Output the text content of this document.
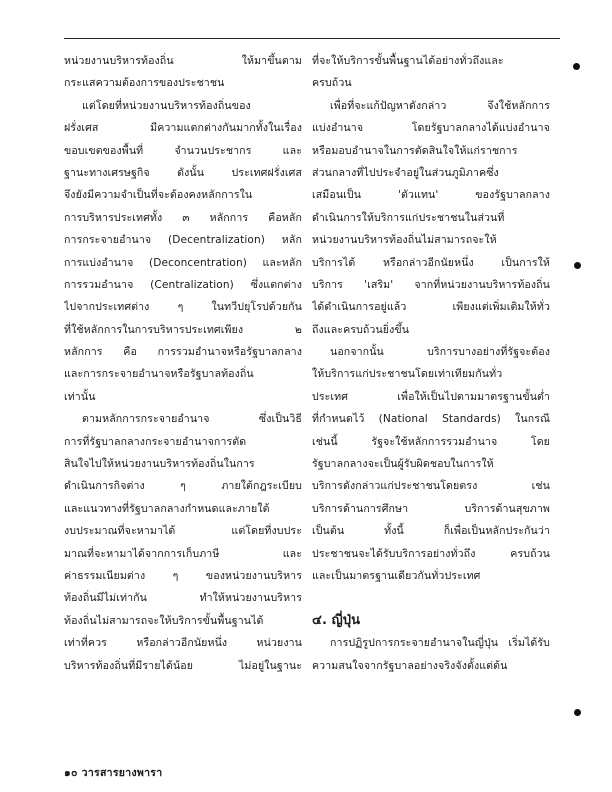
หน่วยงานบริหารท้องถิ่น ให้มาขึ้นตาม
กระแสความต้องการของประชาชน
แต่โดยที่หน่วยงานบริหารท้องถิ่นของ
ฝรั่งเศส มีความแตกต่างกันมากทั้งในเรื่อง
ขอบเขตของพื้นที่ จำนวนประชากร และ
ฐานะทางเศรษฐกิจ ดังนั้น ประเทศฝรั่งเศส
จึงยังมีความจำเป็นที่จะต้องคงหลักการใน
การบริหารประเทศทั้ง ๓ หลักการ คือหลัก
การกระจายอำนาจ (Decentralization) หลัก
การแบ่งอำนาจ (Deconcentration) และหลัก
การรวมอำนาจ (Centralization) ซึ่งแตกต่าง
ไปจากประเทศต่าง ๆ ในทวีปยุโรปด้วยกัน
ที่ใช้หลักการในการบริหารประเทศเพียง ๒
หลักการ คือ การรวมอำนาจหรือรัฐบาลกลาง
และการกระจายอำนาจหรือรัฐบาลท้องถิ่น
เท่านั้น
ตามหลักการกระจายอำนาจ ซึ่งเป็นวิธี
การที่รัฐบาลกลางกระจายอำนาจการตัด
สินใจไปให้หน่วยงานบริหารท้องถิ่นในการ
ดำเนินการกิจต่าง ๆ ภายใต้กฎระเบียบ
และแนวทางที่รัฐบาลกลางกำหนดและภายใต้
งบประมาณที่จะหามาได้ แต่โดยที่งบประ
มาณที่จะหามาได้จากการเก็บภาษี และ
ค่าธรรมเนียมต่าง ๆ ของหน่วยงานบริหาร
ท้องถิ่นมีไม่เท่ากัน ทำให้หน่วยงานบริหาร
ท้องถิ่นไม่สามารถจะให้บริการขั้นพื้นฐานได้
เท่าที่ควร หรือกล่าวอีกนัยหนึ่ง หน่วยงาน
บริหารท้องถิ่นที่มีรายได้น้อย ไม่อยู่ในฐานะ
ที่จะให้บริการขั้นพื้นฐานได้อย่างทั่วถึงและ
ครบถ้วน
เพื่อที่จะแก้ปัญหาดังกล่าว จึงใช้หลักการ
แบ่งอำนาจ โดยรัฐบาลกลางได้แบ่งอำนาจ
หรือมอบอำนาจในการตัดสินใจให้แก่ราชการ
ส่วนกลางที่ไปประจำอยู่ในส่วนภูมิภาคซึ่ง
เสมือนเป็น 'ตัวแทน' ของรัฐบาลกลาง
ดำเนินการให้บริการแก่ประชาชนในส่วนที่
หน่วยงานบริหารท้องถิ่นไม่สามารถจะให้
บริการได้ หรือกล่าวอีกนัยหนึ่ง เป็นการให้
บริการ 'เสริม' จากที่หน่วยงานบริหารท้องถิ่น
ได้ดำเนินการอยู่แล้ว เพียงแต่เพิ่มเติมให้ทั่ว
ถึงและครบถ้วนยิ่งขึ้น
นอกจากนั้น บริการบางอย่างที่รัฐจะต้อง
ให้บริการแก่ประชาชนโดยเท่าเทียมกันทั่ว
ประเทศ เพื่อให้เป็นไปตามมาตรฐานขั้นต่ำ
ที่กำหนดไว้ (National Standards) ในกรณี
เช่นนี้ รัฐจะใช้หลักการรวมอำนาจ โดย
รัฐบาลกลางจะเป็นผู้รับผิดชอบในการให้
บริการดังกล่าวแก่ประชาชนโดยตรง เช่น
บริการด้านการศึกษา บริการด้านสุขภาพ
เป็นต้น ทั้งนี้ ก็เพื่อเป็นหลักประกันว่า
ประชาชนจะได้รับบริการอย่างทั่วถึง ครบถ้วน
และเป็นมาตรฐานเดียวกันทั่วประเทศ
๔. ญี่ปุ่น
การปฏิรูปการกระจายอำนาจในญี่ปุ่น เริ่มได้รับ
ความสนใจจากรัฐบาลอย่างจริงจังตั้งแต่ต้น
๑๐ วารสารยางพารา
